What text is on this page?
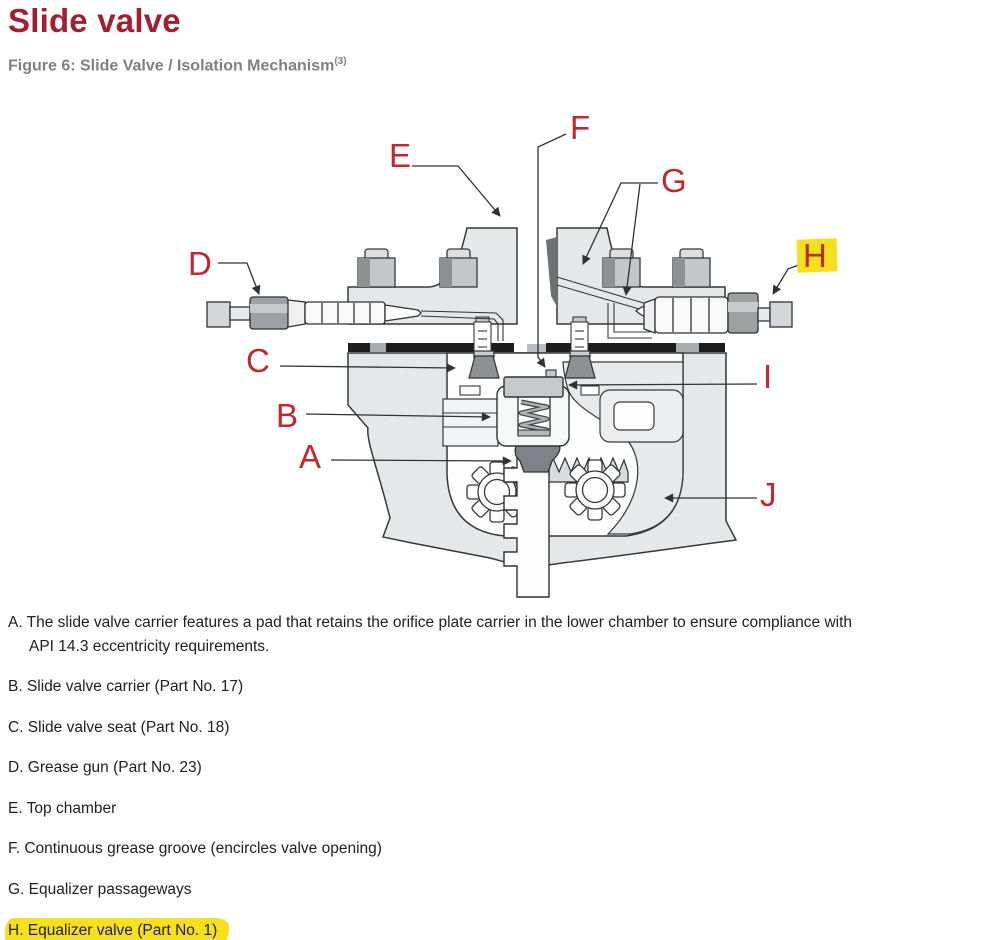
Slide valve
Figure 6: Slide Valve / Isolation Mechanism$^{(3)}$
A
B
C
D
E
F
G
H
I
J
A. The slide valve carrier features a pad that retains the orifice plate carrier in the lower chamber to ensure compliance with
API 14.3 eccentricity requirements.
B. Slide valve carrier (Part No. 17)
C. Slide valve seat (Part No. 18)
D. Grease gun (Part No. 23)
E. Top chamber
F. Continuous grease groove (encircles valve opening)
G. Equalizer passageways
H. Equalizer valve (Part No. 1)
